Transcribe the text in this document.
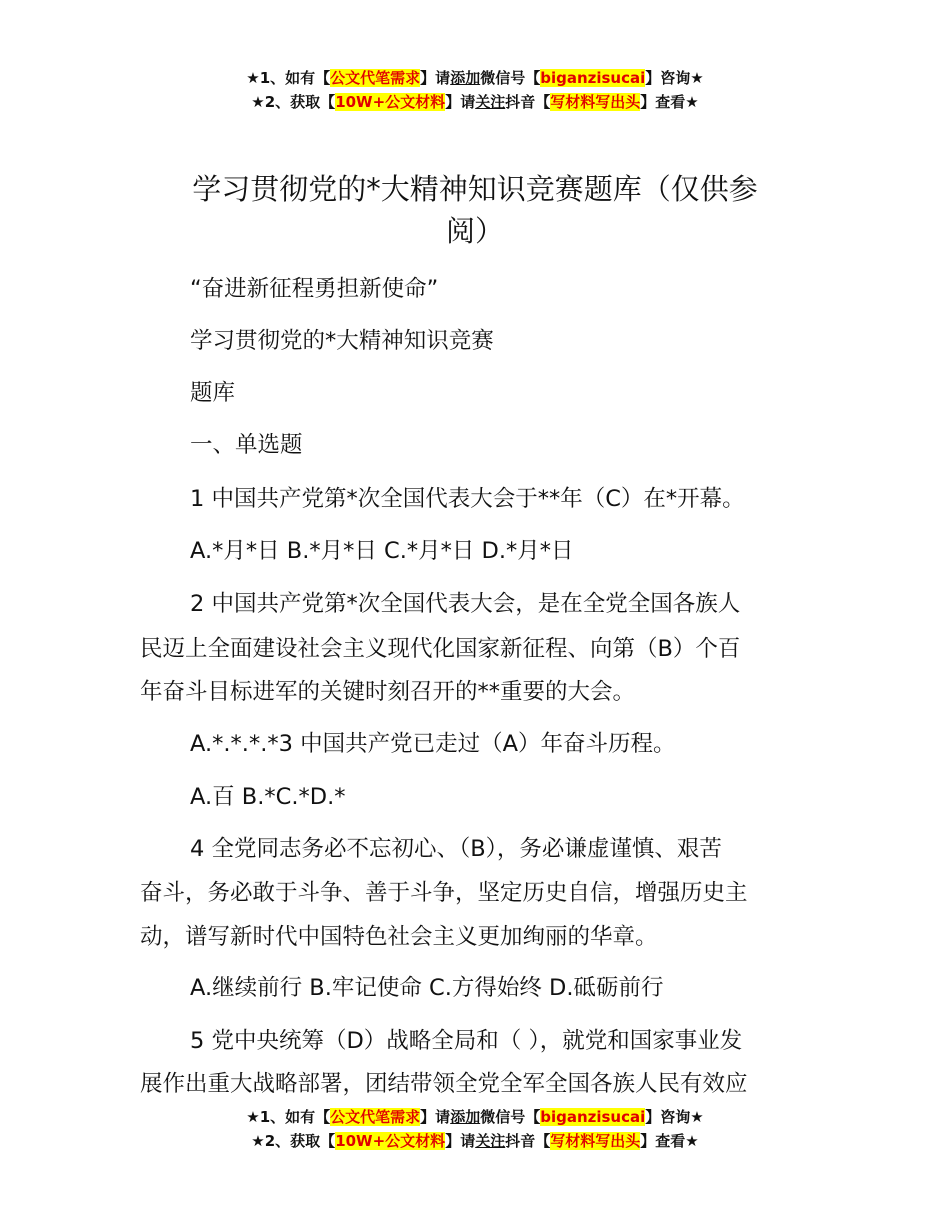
★1、如有【公文代笔需求】请添加微信号【biganzisucai】咨询★
★2、获取【10W+公文材料】请关注抖音【写材料写出头】查看★
学习贯彻党的*大精神知识竞赛题库（仅供参
阅）

“奋进新征程勇担新使命”

学习贯彻党的*大精神知识竞赛

题库

一、单选题

1 中国共产党第*次全国代表大会于**年（C）在*开幕。

A.*月*日 B.*月*日 C.*月*日 D.*月*日

2 中国共产党第*次全国代表大会，是在全党全国各族人

民迈上全面建设社会主义现代化国家新征程、向第（B）个百

年奋斗目标进军的关键时刻召开的**重要的大会。

A.*.*.*.*3 中国共产党已走过（A）年奋斗历程。

A.百 B.*C.*D.*

4 全党同志务必不忘初心、（B），务必谦虚谨慎、艰苦

奋斗，务必敢于斗争、善于斗争，坚定历史自信，增强历史主

动，谱写新时代中国特色社会主义更加绚丽的华章。

A.继续前行 B.牢记使命 C.方得始终 D.砥砺前行

5 党中央统筹（D）战略全局和（ ），就党和国家事业发

展作出重大战略部署，团结带领全党全军全国各族人民有效应

★1、如有【公文代笔需求】请添加微信号【biganzisucai】咨询★
★2、获取【10W+公文材料】请关注抖音【写材料写出头】查看★
